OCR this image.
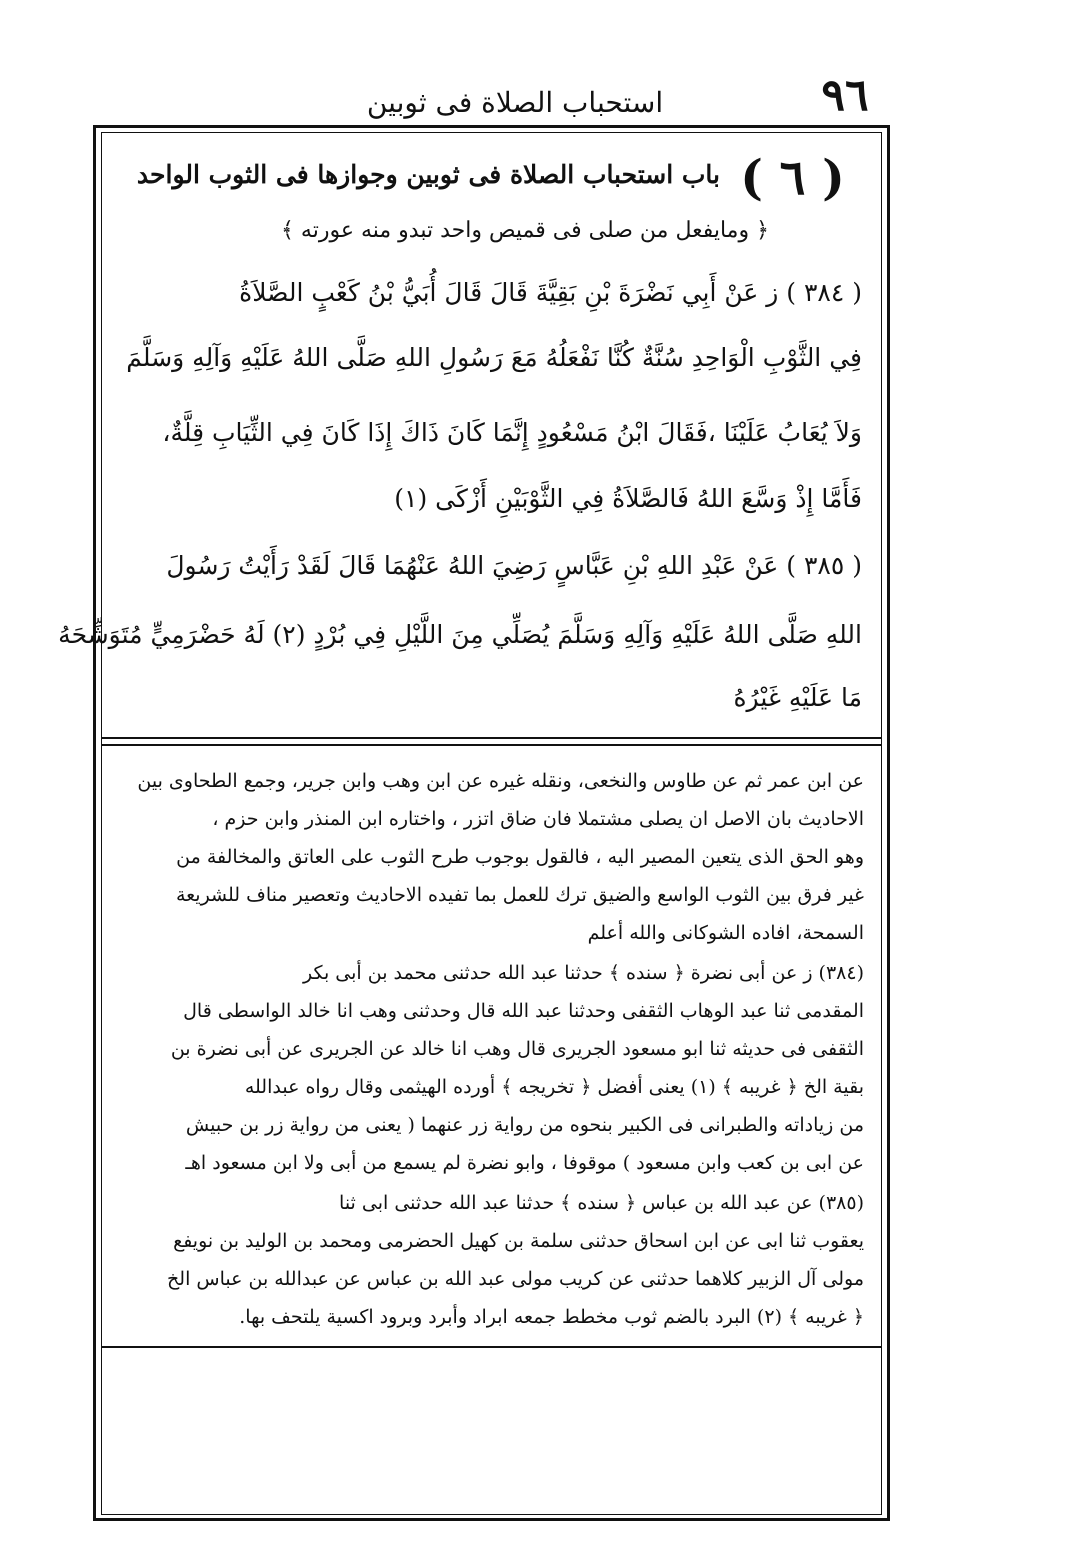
استحباب الصلاة فى ثوبين	٩٦
( ٦ )
باب استحباب الصلاة فى ثوبين وجوازها فى الثوب الواحد
﴿ ومايفعل من صلى فى قميص واحد تبدو منه عورته ﴾
( ٣٨٤ ) ز عَنْ أَبِي نَضْرَةَ بْنِ بَقِيَّةَ قَالَ قَالَ أُبَيُّ بْنُ كَعْبٍ الصَّلاَةُ
فِي الثَّوْبِ الْوَاحِدِ سُنَّةٌ كُنَّا نَفْعَلُهُ مَعَ رَسُولِ اللهِ صَلَّى اللهُ عَلَيْهِ وَآلِهِ وَسَلَّمَ
وَلاَ يُعَابُ عَلَيْنَا ،فَقَالَ ابْنُ مَسْعُودٍ إِنَّمَا كَانَ ذَاكَ إِذَا كَانَ فِي الثِّيَابِ قِلَّةٌ،
فَأَمَّا إِذْ وَسَّعَ اللهُ فَالصَّلاَةُ فِي الثَّوْبَيْنِ أَزْكَى (١)
( ٣٨٥ ) عَنْ عَبْدِ اللهِ بْنِ عَبَّاسٍ رَضِيَ اللهُ عَنْهُمَا قَالَ لَقَدْ رَأَيْتُ رَسُولَ
اللهِ صَلَّى اللهُ عَلَيْهِ وَآلِهِ وَسَلَّمَ يُصَلِّي مِنَ اللَّيْلِ فِي بُرْدٍ (٢) لَهُ حَضْرَمِيٍّ مُتَوَشِّحَهُ
مَا عَلَيْهِ غَيْرُهُ
عن ابن عمر ثم عن طاوس والنخعى، ونقله غيره عن ابن وهب وابن جرير، وجمع الطحاوى بين
الاحاديث بان الاصل ان يصلى مشتملا فان ضاق اتزر ، واختاره ابن المنذر وابن حزم ،
وهو الحق الذى يتعين المصير اليه ، فالقول بوجوب طرح الثوب على العاتق والمخالفة من
غير فرق بين الثوب الواسع والضيق ترك للعمل بما تفيده الاحاديث وتعصير مناف للشريعة
السمحة، افاده الشوكانى والله أعلم
(٣٨٤) ز عن أبى نضرة ﴿ سنده ﴾ حدثنا عبد الله حدثنى محمد بن أبى بكر
المقدمى ثنا عبد الوهاب الثقفى وحدثنا عبد الله قال وحدثنى وهب انا خالد الواسطى قال
الثقفى فى حديثه ثنا ابو مسعود الجريرى قال وهب انا خالد عن الجريرى عن أبى نضرة بن
بقية الخ ﴿ غريبه ﴾ (١) يعنى أفضل ﴿ تخريجه ﴾ أورده الهيثمى وقال رواه عبدالله
من زياداته والطبرانى فى الكبير بنحوه من رواية زر عنهما ( يعنى من رواية زر بن حبيش
عن ابى بن كعب وابن مسعود ) موقوفا ، وابو نضرة لم يسمع من أبى ولا ابن مسعود اهـ
(٣٨٥) عن عبد الله بن عباس ﴿ سنده ﴾ حدثنا عبد الله حدثنى ابى ثنا
يعقوب ثنا ابى عن ابن اسحاق حدثنى سلمة بن كهيل الحضرمى ومحمد بن الوليد بن نويفع
مولى آل الزبير كلاهما حدثنى عن كريب مولى عبد الله بن عباس عن عبدالله بن عباس الخ
﴿ غريبه ﴾ (٢) البرد بالضم ثوب مخطط جمعه ابراد وأبرد وبرود اكسية يلتحف بها.
